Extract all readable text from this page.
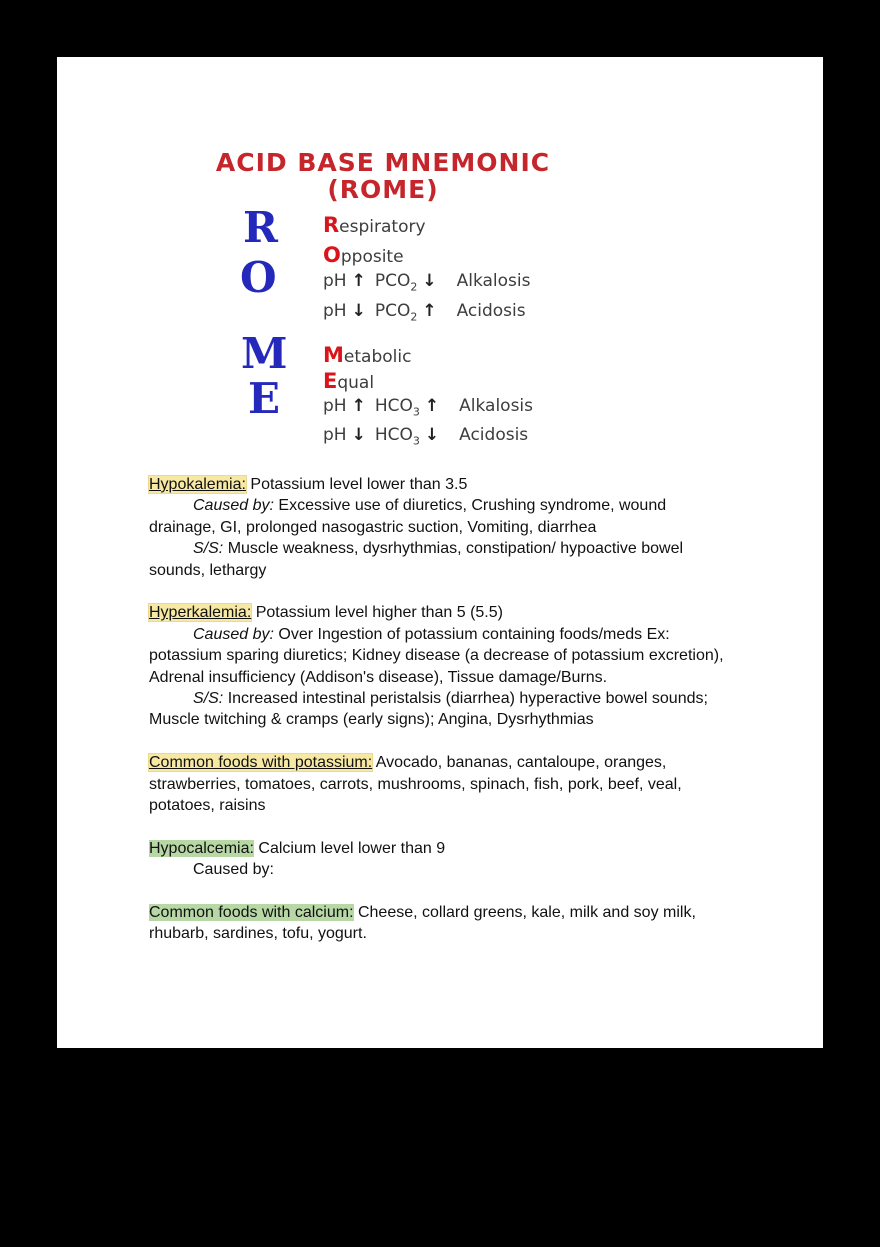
ACID BASE MNEMONIC
(ROME)
R
O
M
E
Respiratory
Opposite
pH ↑ $PCO_2$ ↓ Alkalosis
pH ↓ $PCO_2$ ↑ Acidosis
Metabolic
Equal
pH ↑ $HCO_3$ ↑ Alkalosis
pH ↓ $HCO_3$ ↓ Acidosis

Hypokalemia: Potassium level lower than 3.5

Caused by: Excessive use of diuretics, Crushing syndrome, wound drainage, GI, prolonged nasogastric suction, Vomiting, diarrhea

S/S: Muscle weakness, dysrhythmias, constipation/ hypoactive bowel sounds, lethargy

Hyperkalemia: Potassium level higher than 5 (5.5)

Caused by: Over Ingestion of potassium containing foods/meds Ex: potassium sparing diuretics; Kidney disease (a decrease of potassium excretion), Adrenal insufficiency (Addison's disease), Tissue damage/Burns.

S/S: Increased intestinal peristalsis (diarrhea) hyperactive bowel sounds; Muscle twitching & cramps (early signs); Angina, Dysrhythmias

Common foods with potassium: Avocado, bananas, cantaloupe, oranges, strawberries, tomatoes, carrots, mushrooms, spinach, fish, pork, beef, veal, potatoes, raisins

Hypocalcemia: Calcium level lower than 9

Caused by:

Common foods with calcium: Cheese, collard greens, kale, milk and soy milk, rhubarb, sardines, tofu, yogurt.
